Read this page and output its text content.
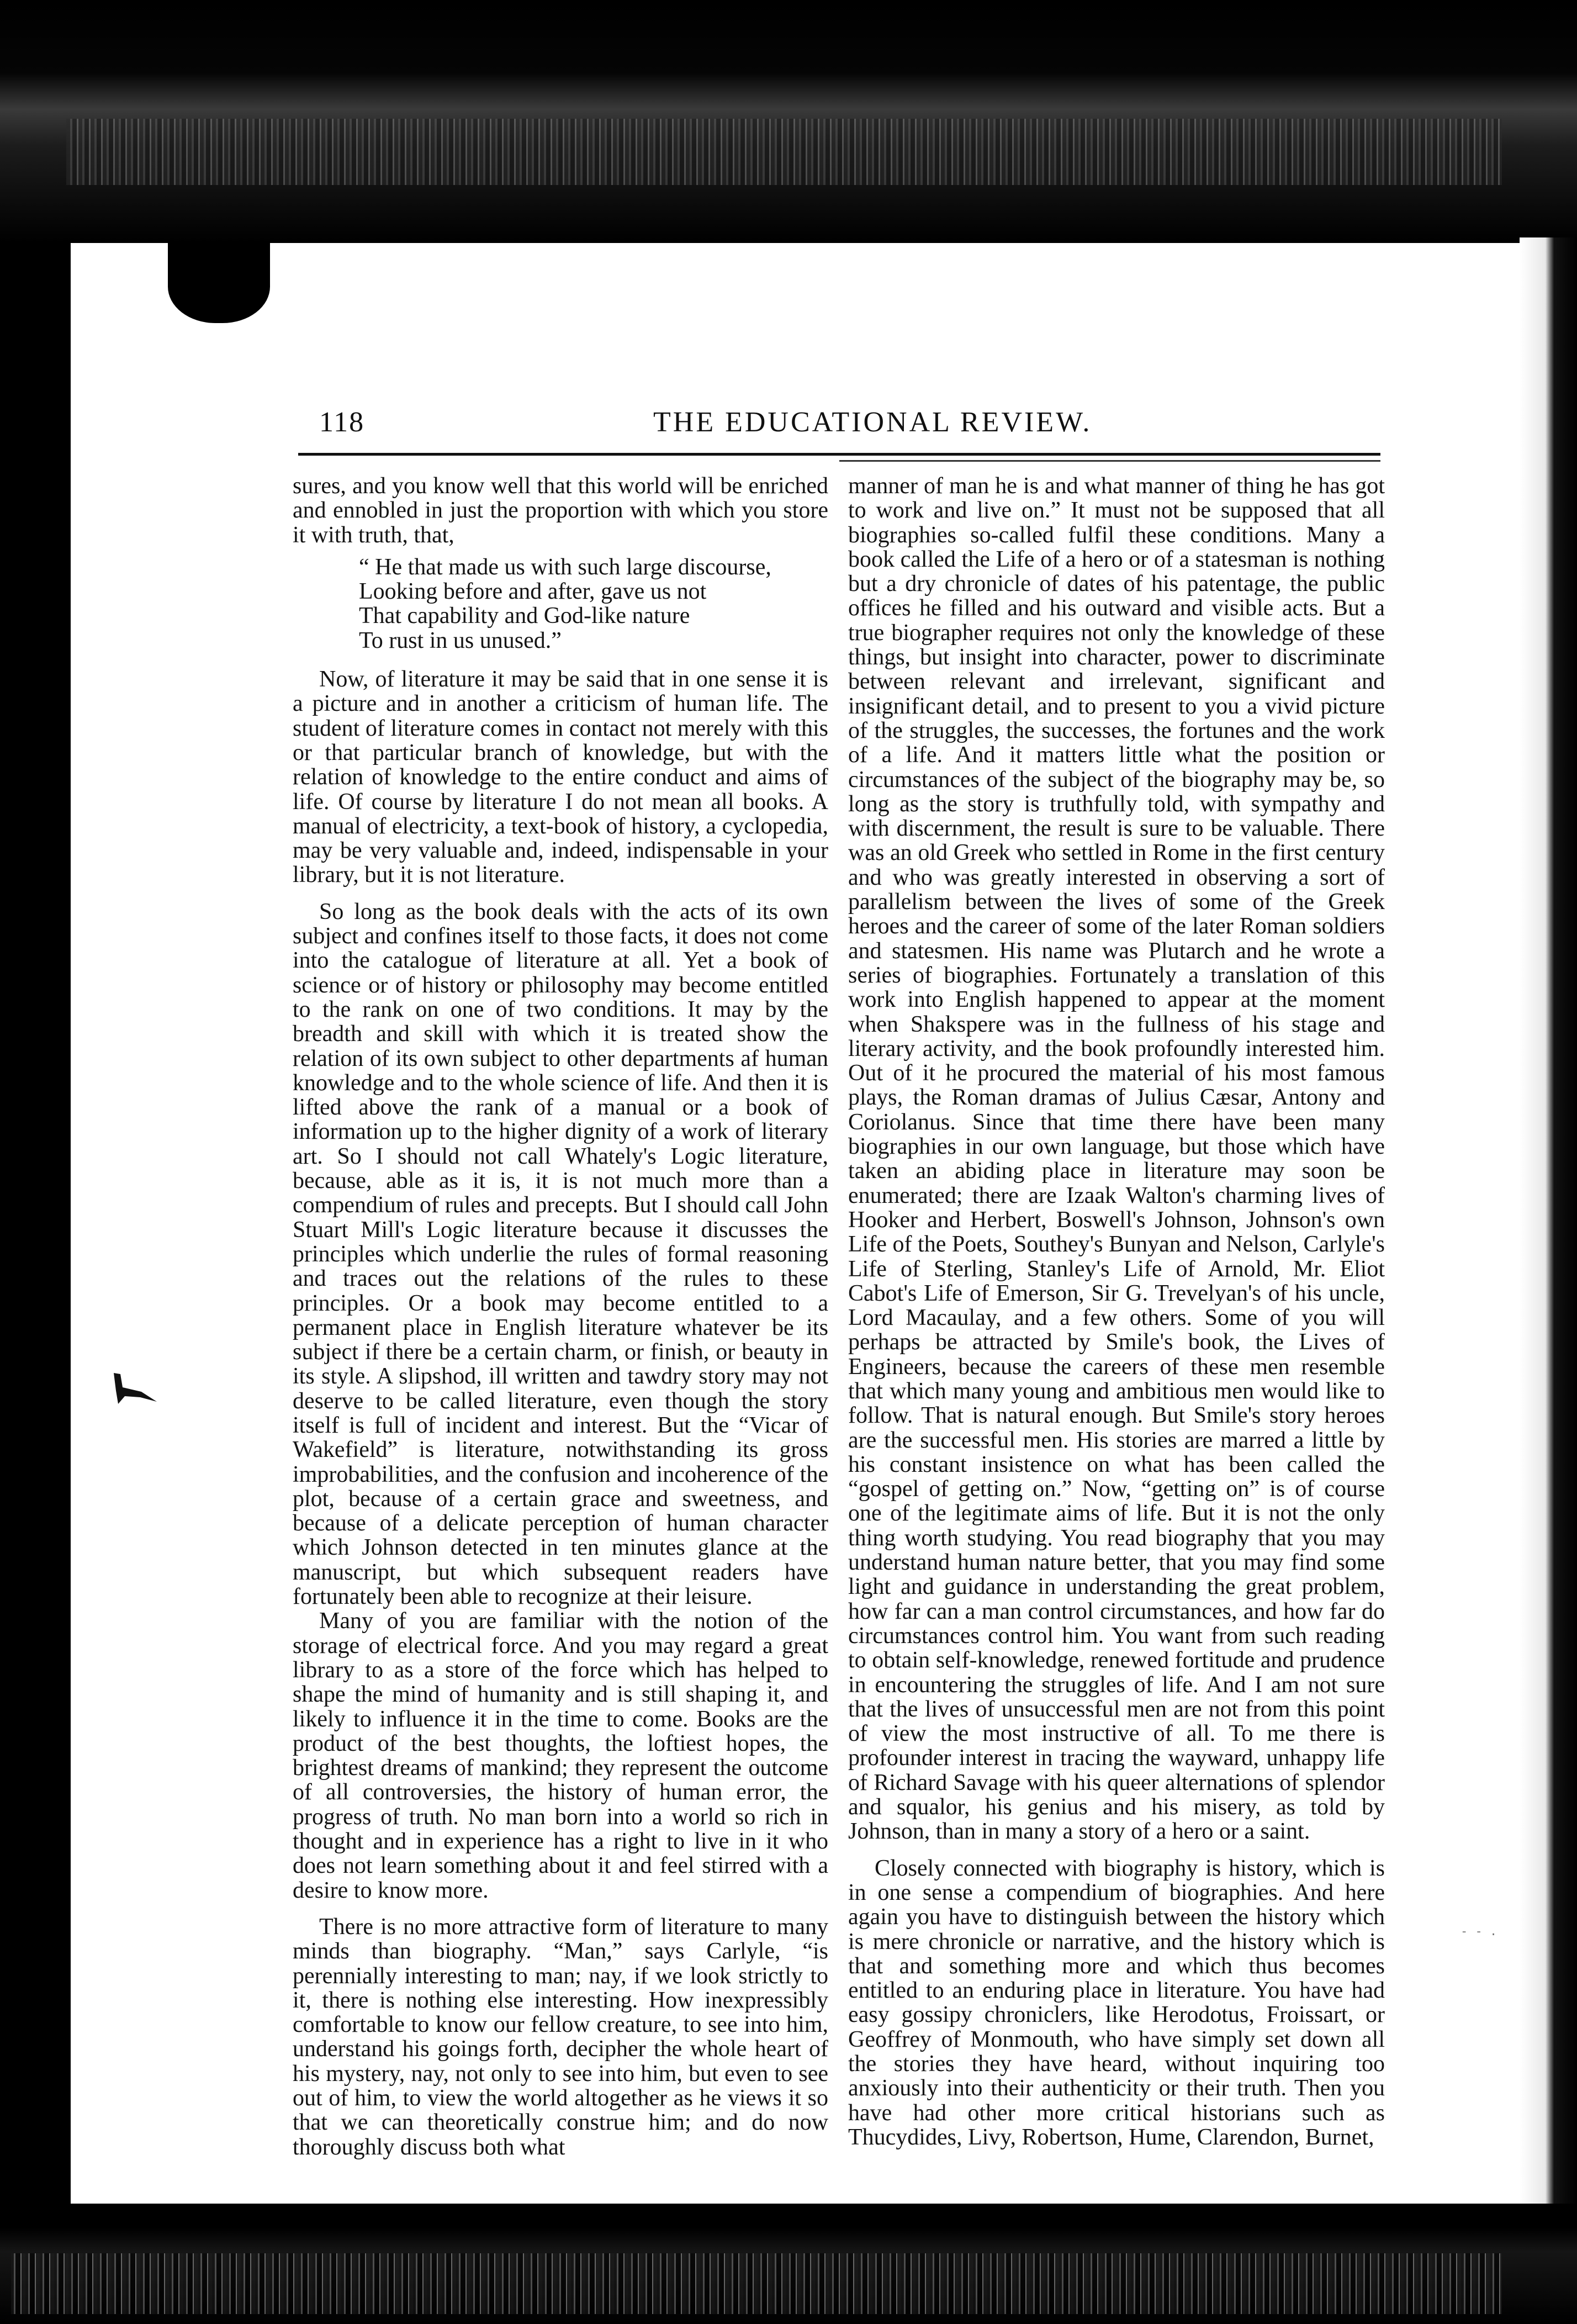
118	THE EDUCATIONAL REVIEW.

sures, and you know well that this world will be enriched and ennobled in just the proportion with which you store it with truth, that,

“ He that made us with such large discourse,
Looking before and after, gave us not
That capability and God-like nature
To rust in us unused.”

Now, of literature it may be said that in one sense it is a picture and in another a criticism of human life. The student of literature comes in contact not merely with this or that particular branch of knowledge, but with the relation of knowledge to the entire conduct and aims of life. Of course by literature I do not mean all books. A manual of electricity, a text-book of history, a cyclopedia, may be very valuable and, indeed, indispensable in your library, but it is not literature.

So long as the book deals with the acts of its own subject and confines itself to those facts, it does not come into the catalogue of literature at all. Yet a book of science or of history or philosophy may become entitled to the rank on one of two conditions. It may by the breadth and skill with which it is treated show the relation of its own subject to other departments af human knowledge and to the whole science of life. And then it is lifted above the rank of a manual or a book of information up to the higher dignity of a work of literary art. So I should not call Whately's Logic literature, because, able as it is, it is not much more than a compendium of rules and precepts. But I should call John Stuart Mill's Logic literature because it discusses the principles which underlie the rules of formal reasoning and traces out the relations of the rules to these principles. Or a book may become entitled to a permanent place in English literature whatever be its subject if there be a certain charm, or finish, or beauty in its style. A slipshod, ill written and tawdry story may not deserve to be called literature, even though the story itself is full of incident and interest. But the “Vicar of Wakefield” is literature, notwithstanding its gross improbabilities, and the confusion and incoherence of the plot, because of a certain grace and sweetness, and because of a delicate perception of human character which Johnson detected in ten minutes glance at the manuscript, but which subsequent readers have fortunately been able to recognize at their leisure.

Many of you are familiar with the notion of the storage of electrical force. And you may regard a great library to as a store of the force which has helped to shape the mind of humanity and is still shaping it, and likely to influence it in the time to come. Books are the product of the best thoughts, the loftiest hopes, the brightest dreams of mankind; they represent the outcome of all controversies, the history of human error, the progress of truth. No man born into a world so rich in thought and in experience has a right to live in it who does not learn something about it and feel stirred with a desire to know more.

There is no more attractive form of literature to many minds than biography. “Man,” says Carlyle, “is perennially interesting to man; nay, if we look strictly to it, there is nothing else interesting. How inexpressibly comfortable to know our fellow creature, to see into him, understand his goings forth, decipher the whole heart of his mystery, nay, not only to see into him, but even to see out of him, to view the world altogether as he views it so that we can theoretically construe him; and do now thoroughly discuss both what

manner of man he is and what manner of thing he has got to work and live on.” It must not be supposed that all biographies so-called fulfil these conditions. Many a book called the Life of a hero or of a statesman is nothing but a dry chronicle of dates of his patentage, the public offices he filled and his outward and visible acts. But a true biographer requires not only the knowledge of these things, but insight into character, power to discriminate between relevant and irrelevant, significant and insignificant detail, and to present to you a vivid picture of the struggles, the successes, the fortunes and the work of a life. And it matters little what the position or circumstances of the subject of the biography may be, so long as the story is truthfully told, with sympathy and with discernment, the result is sure to be valuable. There was an old Greek who settled in Rome in the first century and who was greatly interested in observing a sort of parallelism between the lives of some of the Greek heroes and the career of some of the later Roman soldiers and statesmen. His name was Plutarch and he wrote a series of biographies. Fortunately a translation of this work into English happened to appear at the moment when Shakspere was in the fullness of his stage and literary activity, and the book profoundly interested him. Out of it he procured the material of his most famous plays, the Roman dramas of Julius Cæsar, Antony and Coriolanus. Since that time there have been many biographies in our own language, but those which have taken an abiding place in literature may soon be enumerated; there are Izaak Walton's charming lives of Hooker and Herbert, Boswell's Johnson, Johnson's own Life of the Poets, Southey's Bunyan and Nelson, Carlyle's Life of Sterling, Stanley's Life of Arnold, Mr. Eliot Cabot's Life of Emerson, Sir G. Trevelyan's of his uncle, Lord Macaulay, and a few others. Some of you will perhaps be attracted by Smile's book, the Lives of Engineers, because the careers of these men resemble that which many young and ambitious men would like to follow. That is natural enough. But Smile's story heroes are the successful men. His stories are marred a little by his constant insistence on what has been called the “gospel of getting on.” Now, “getting on” is of course one of the legitimate aims of life. But it is not the only thing worth studying. You read biography that you may understand human nature better, that you may find some light and guidance in understanding the great problem, how far can a man control circumstances, and how far do circumstances control him. You want from such reading to obtain self-knowledge, renewed fortitude and prudence in encountering the struggles of life. And I am not sure that the lives of unsuccessful men are not from this point of view the most instructive of all. To me there is profounder interest in tracing the wayward, unhappy life of Richard Savage with his queer alternations of splendor and squalor, his genius and his misery, as told by Johnson, than in many a story of a hero or a saint.

Closely connected with biography is history, which is in one sense a compendium of biographies. And here again you have to distinguish between the history which is mere chronicle or narrative, and the history which is that and something more and which thus becomes entitled to an enduring place in literature. You have had easy gossipy chroniclers, like Herodotus, Froissart, or Geoffrey of Monmouth, who have simply set down all the stories they have heard, without inquiring too anxiously into their authenticity or their truth. Then you have had other more critical historians such as Thucydides, Livy, Robertson, Hume, Clarendon, Burnet,

- - .
